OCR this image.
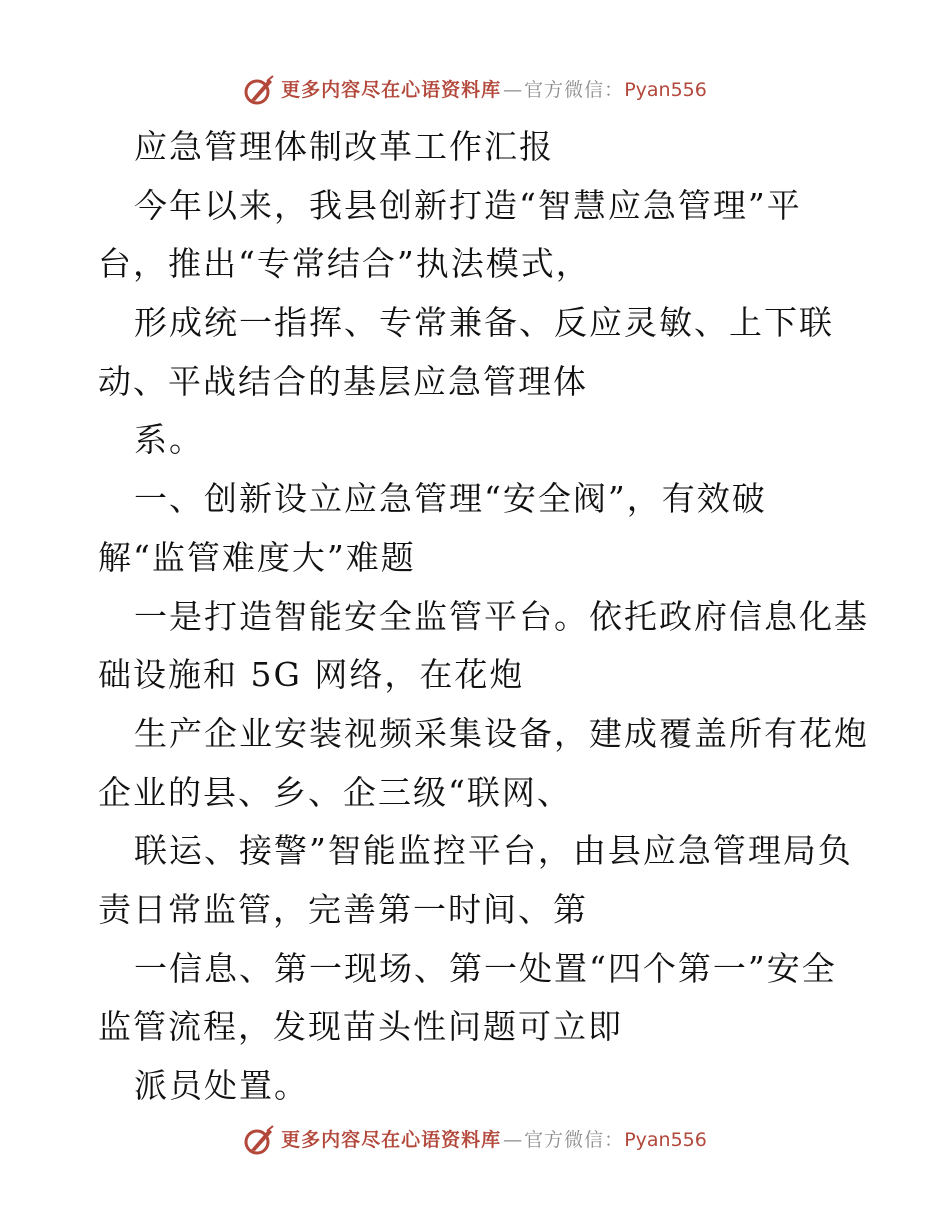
更多内容尽在心语资料库 — 官方微信： Pyan556
应急管理体制改革工作汇报
今年以来，我县创新打造“智慧应急管理”平
台，推出“专常结合”执法模式，
形成统一指挥、专常兼备、反应灵敏、上下联
动、平战结合的基层应急管理体
系。
一、创新设立应急管理“安全阀”，有效破
解“监管难度大”难题
一是打造智能安全监管平台。依托政府信息化基
础设施和 5G 网络，在花炮
生产企业安装视频采集设备，建成覆盖所有花炮
企业的县、乡、企三级“联网、
联运、接警”智能监控平台，由县应急管理局负
责日常监管，完善第一时间、第
一信息、第一现场、第一处置“四个第一”安全
监管流程，发现苗头性问题可立即
派员处置。
更多内容尽在心语资料库 — 官方微信： Pyan556
